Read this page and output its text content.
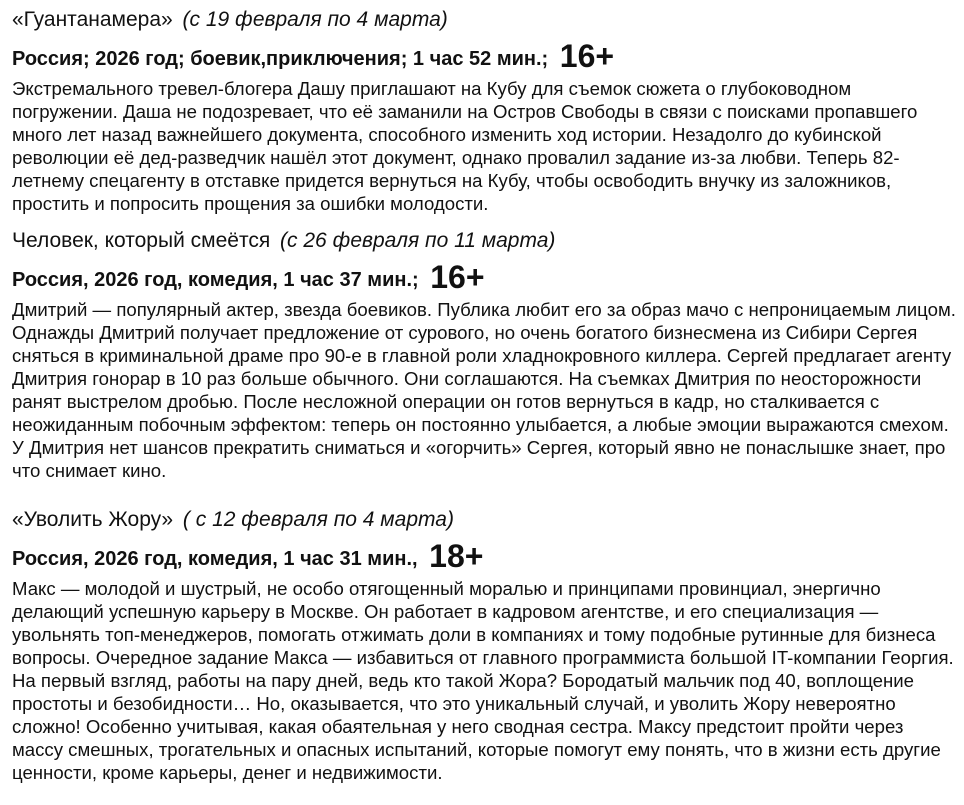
«Гуантанамера» (с 19 февраля по 4 марта)
Россия; 2026 год; боевик,приключения; 1 час 52 мин.; 16+

Экстремального тревел-блогера Дашу приглашают на Кубу для съемок сюжета о глубоководном погружении. Даша не подозревает, что её заманили на Остров Свободы в связи с поисками пропавшего много лет назад важнейшего документа, способного изменить ход истории. Незадолго до кубинской революции её дед-разведчик нашёл этот документ, однако провалил задание из-за любви. Теперь 82-летнему спецагенту в отставке придется вернуться на Кубу, чтобы освободить внучку из заложников, простить и попросить прощения за ошибки молодости.

Человек, который смеётся (с 26 февраля по 11 марта)
Россия, 2026 год, комедия, 1 час 37 мин.; 16+

Дмитрий — популярный актер, звезда боевиков. Публика любит его за образ мачо с непроницаемым лицом. Однажды Дмитрий получает предложение от сурового, но очень богатого бизнесмена из Сибири Сергея сняться в криминальной драме про 90-е в главной роли хладнокровного киллера. Сергей предлагает агенту Дмитрия гонорар в 10 раз больше обычного. Они соглашаются. На съемках Дмитрия по неосторожности ранят выстрелом дробью. После несложной операции он готов вернуться в кадр, но сталкивается с неожиданным побочным эффектом: теперь он постоянно улыбается, а любые эмоции выражаются смехом. У Дмитрия нет шансов прекратить сниматься и «огорчить» Сергея, который явно не понаслышке знает, про что снимает кино.

«Уволить Жору» ( с 12 февраля по 4 марта)
Россия, 2026 год, комедия, 1 час 31 мин., 18+

Макс — молодой и шустрый, не особо отягощенный моралью и принципами провинциал, энергично делающий успешную карьеру в Москве. Он работает в кадровом агентстве, и его специализация — увольнять топ-менеджеров, помогать отжимать доли в компаниях и тому подобные рутинные для бизнеса вопросы. Очередное задание Макса — избавиться от главного программиста большой IT-компании Георгия. На первый взгляд, работы на пару дней, ведь кто такой Жора? Бородатый мальчик под 40, воплощение простоты и безобидности… Но, оказывается, что это уникальный случай, и уволить Жору невероятно сложно! Особенно учитывая, какая обаятельная у него сводная сестра. Максу предстоит пройти через массу смешных, трогательных и опасных испытаний, которые помогут ему понять, что в жизни есть другие ценности, кроме карьеры, денег и недвижимости.
